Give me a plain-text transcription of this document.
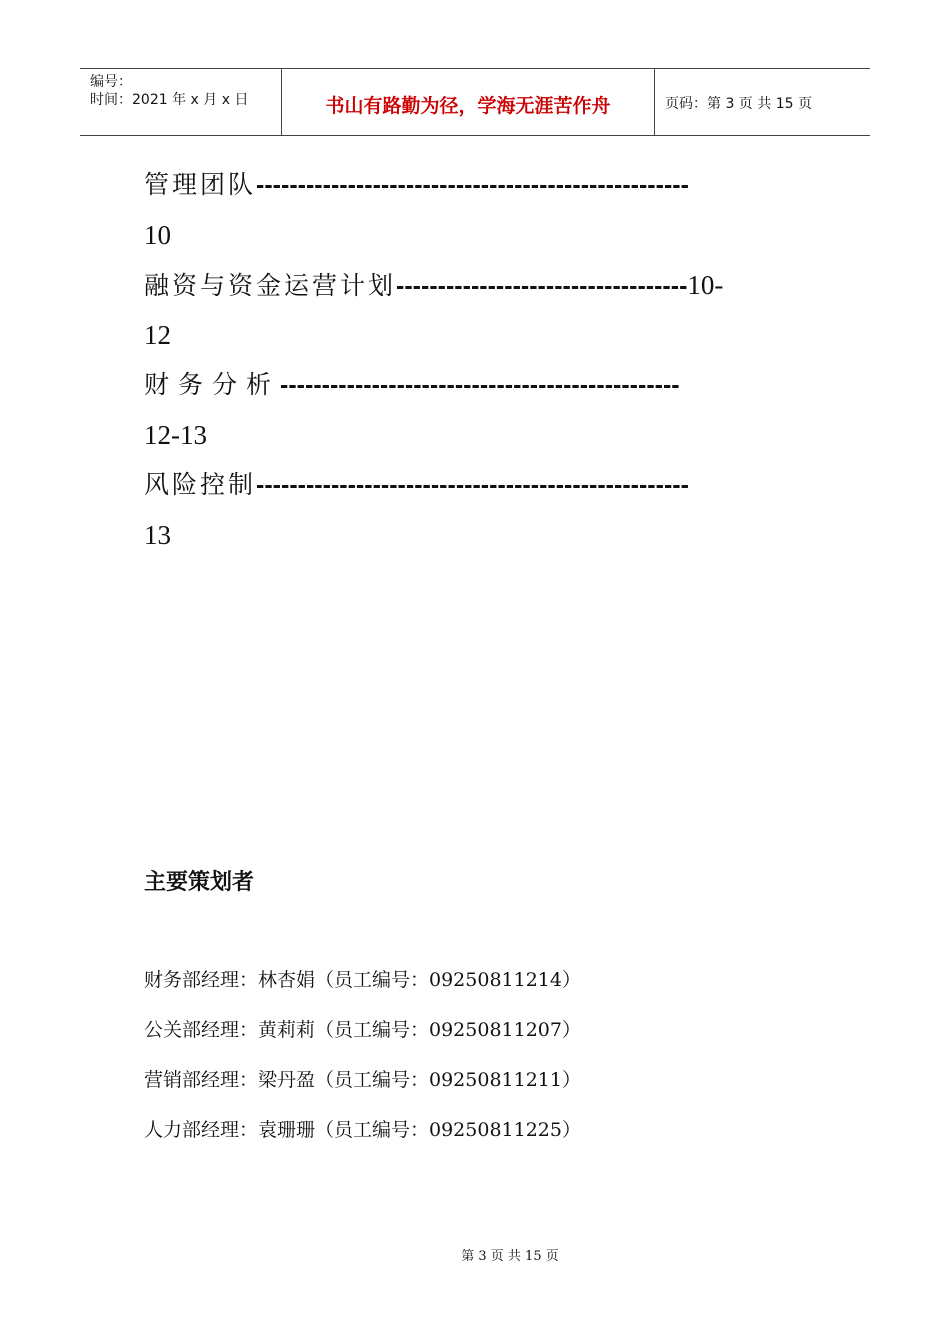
编号：
时间：2021 年 x 月 x 日	书山有路勤为径，学海无涯苦作舟	页码：第 3 页 共 15 页
管理团队----------------------------------------------------
10
融资与资金运营计划-----------------------------------10-
12
财务分析------------------------------------------------
12-13
风险控制----------------------------------------------------
13
主要策划者
财务部经理：林杏娟（员工编号：09250811214）
公关部经理：黄莉莉（员工编号：09250811207）
营销部经理：梁丹盈（员工编号：09250811211）
人力部经理：袁珊珊（员工编号：09250811225）
第 3 页 共 15 页
